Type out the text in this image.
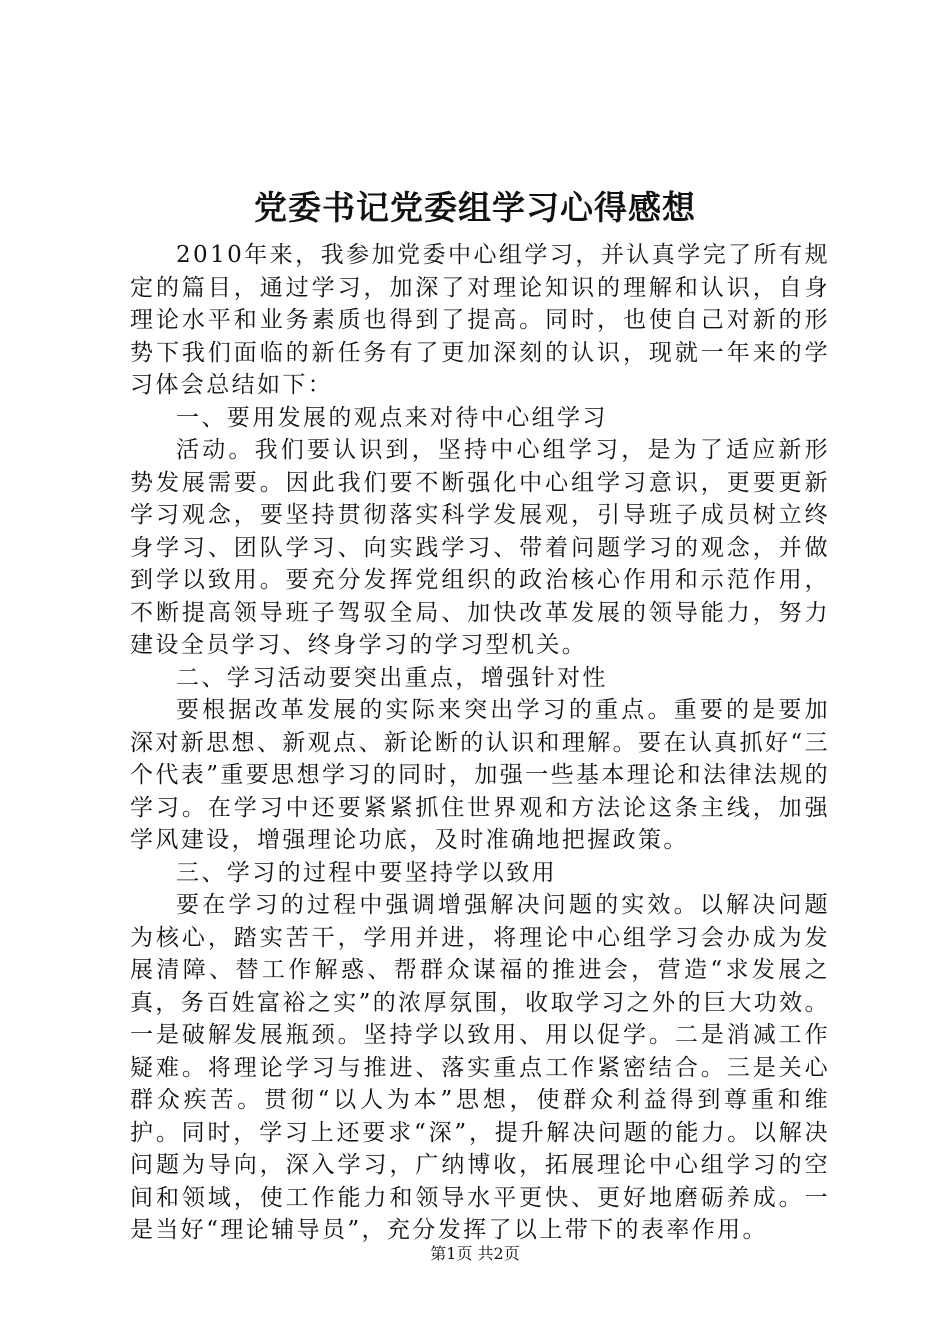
党委书记党委组学习心得感想

2010年来，我参加党委中心组学习，并认真学完了所有规定的篇目，通过学习，加深了对理论知识的理解和认识，自身理论水平和业务素质也得到了提高。同时，也使自己对新的形势下我们面临的新任务有了更加深刻的认识，现就一年来的学习体会总结如下：

一、要用发展的观点来对待中心组学习

活动。我们要认识到，坚持中心组学习，是为了适应新形势发展需要。因此我们要不断强化中心组学习意识，更要更新学习观念，要坚持贯彻落实科学发展观，引导班子成员树立终身学习、团队学习、向实践学习、带着问题学习的观念，并做到学以致用。要充分发挥党组织的政治核心作用和示范作用，不断提高领导班子驾驭全局、加快改革发展的领导能力，努力建设全员学习、终身学习的学习型机关。

二、学习活动要突出重点，增强针对性

要根据改革发展的实际来突出学习的重点。重要的是要加深对新思想、新观点、新论断的认识和理解。要在认真抓好“三个代表”重要思想学习的同时，加强一些基本理论和法律法规的学习。在学习中还要紧紧抓住世界观和方法论这条主线，加强学风建设，增强理论功底，及时准确地把握政策。

三、学习的过程中要坚持学以致用

要在学习的过程中强调增强解决问题的实效。以解决问题为核心，踏实苦干，学用并进，将理论中心组学习会办成为发展清障、替工作解惑、帮群众谋福的推进会，营造“求发展之真，务百姓富裕之实”的浓厚氛围，收取学习之外的巨大功效。一是破解发展瓶颈。坚持学以致用、用以促学。二是消减工作疑难。将理论学习与推进、落实重点工作紧密结合。三是关心群众疾苦。贯彻“以人为本”思想，使群众利益得到尊重和维护。同时，学习上还要求“深”，提升解决问题的能力。以解决问题为导向，深入学习，广纳博收，拓展理论中心组学习的空间和领域，使工作能力和领导水平更快、更好地磨砺养成。一是当好“理论辅导员”，充分发挥了以上带下的表率作用。

第1页 共2页
